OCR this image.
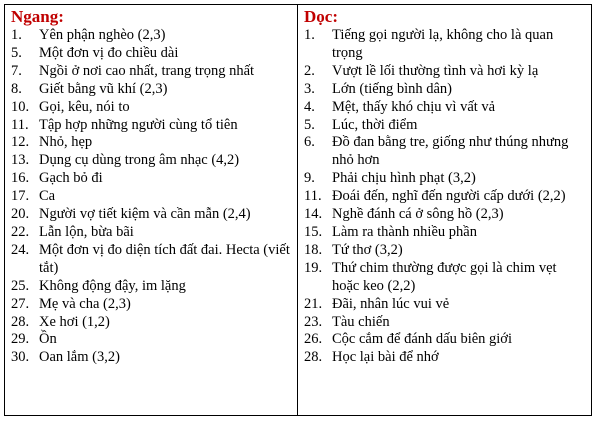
Ngang:
1.	Yên phận nghèo (2,3)
5.	Một đơn vị đo chiều dài
7.	Ngồi ở nơi cao nhất, trang trọng nhất
8.	Giết bằng vũ khí (2,3)
10. Gọi, kêu, nói to
11. Tập hợp những người cùng tổ tiên
12. Nhỏ, hẹp
13. Dụng cụ dùng trong âm nhạc (4,2)
16. Gạch bỏ đi
17. Ca
20. Người vợ tiết kiệm và cần mẫn (2,4)
22. Lẫn lộn, bừa bãi
24. Một đơn vị đo diện tích đất đai. Hecta (viết tắt)
25. Không động đậy, im lặng
27. Mẹ và cha (2,3)
28. Xe hơi (1,2)
29. Ồn
30. Oan lắm (3,2)
Dọc:
1.	Tiếng gọi người lạ, không cho là quan trọng
2.	Vượt lề lối thường tình và hơi kỳ lạ
3.	Lớn (tiếng bình dân)
4.	Mệt, thấy khó chịu vì vất vả
5.	Lúc, thời điểm
6.	Đồ đan bằng tre, giống như thúng nhưng nhỏ hơn
9.	Phải chịu hình phạt (3,2)
11. Đoái đến, nghĩ đến người cấp dưới (2,2)
14. Nghề đánh cá ở sông hồ (2,3)
15. Làm ra thành nhiều phần
18. Tứ thơ (3,2)
19. Thứ chim thường được gọi là chim vẹt hoặc keo (2,2)
21. Đãi, nhân lúc vui vẻ
23. Tàu chiến
26. Cộc cắm để đánh dấu biên giới
28. Học lại bài để nhớ
